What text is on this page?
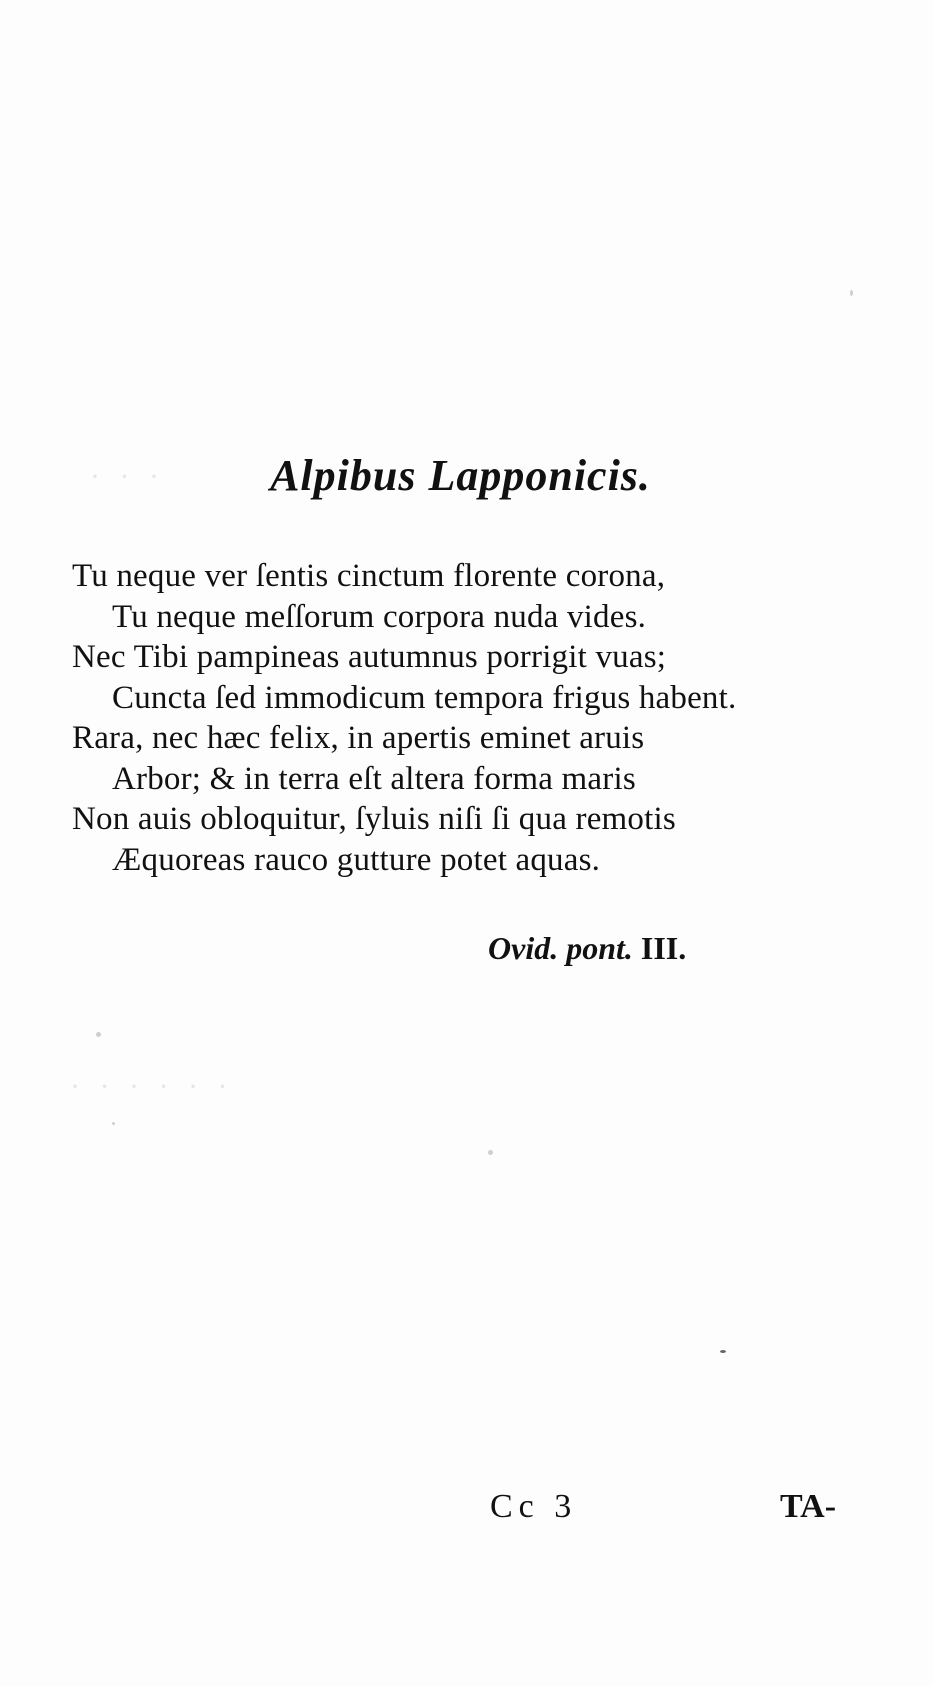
· · ·
· · · · · ·
Alpibus Lapponicis.
Tu neque ver ſentis cinctum florente corona,
Tu neque meſſorum corpora nuda vides.
Nec Tibi pampineas autumnus porrigit vuas;
Cuncta ſed immodicum tempora frigus habent.
Rara, nec hæc felix, in apertis eminet aruis
Arbor; & in terra eſt altera forma maris
Non auis obloquitur, ſyluis niſi ſi qua remotis
Æquoreas rauco gutture potet aquas.
Ovid. pont. III.
Cc 3	TA-
